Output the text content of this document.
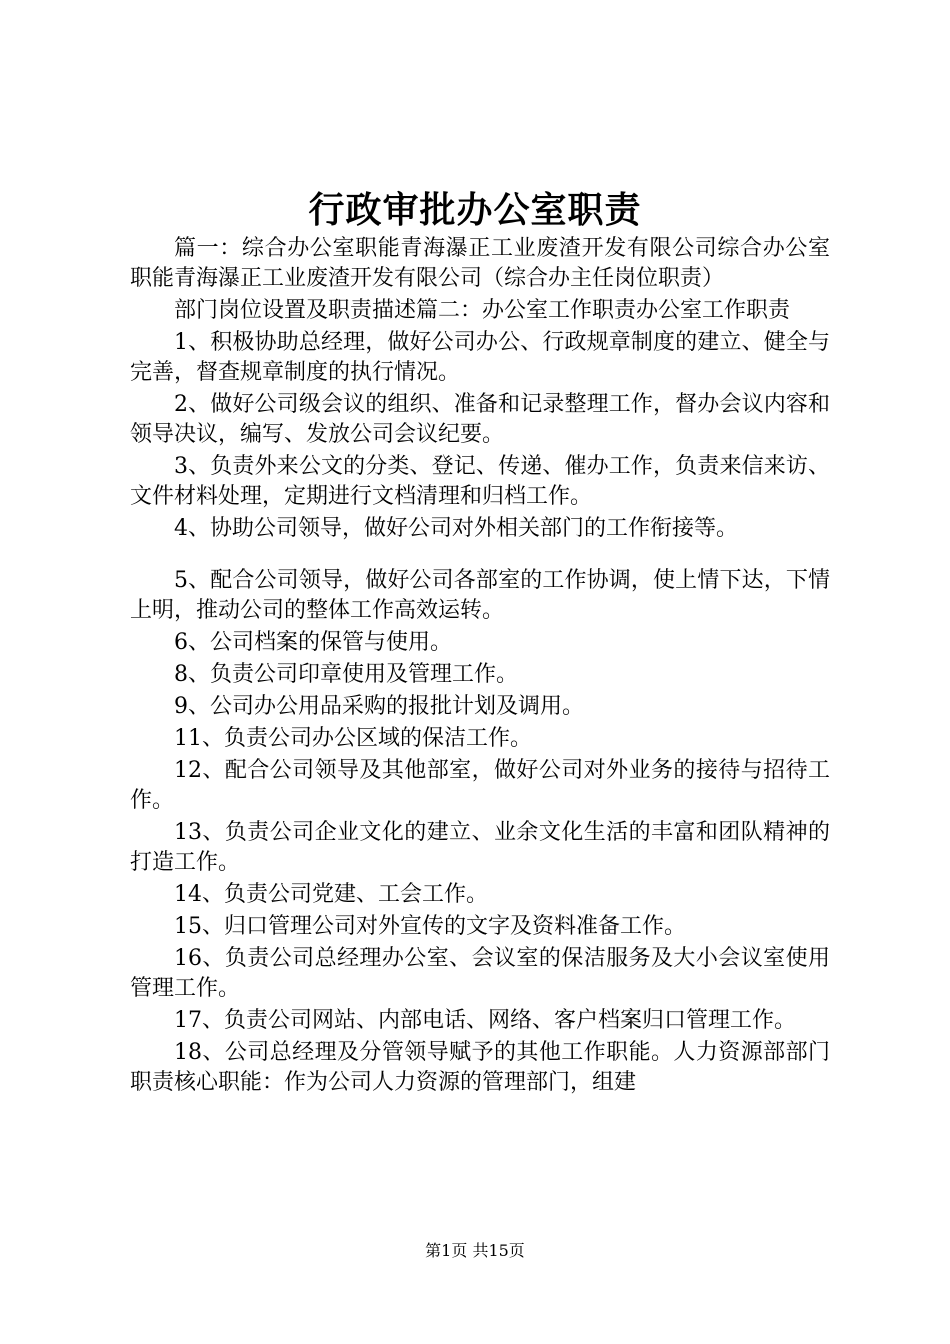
行政审批办公室职责

篇一：综合办公室职能青海瀑正工业废渣开发有限公司综合办公室职能青海瀑正工业废渣开发有限公司（综合办主任岗位职责）

部门岗位设置及职责描述篇二：办公室工作职责办公室工作职责

1、积极协助总经理，做好公司办公、行政规章制度的建立、健全与完善，督查规章制度的执行情况。

2、做好公司级会议的组织、准备和记录整理工作，督办会议内容和领导决议，编写、发放公司会议纪要。

3、负责外来公文的分类、登记、传递、催办工作，负责来信来访、文件材料处理，定期进行文档清理和归档工作。

4、协助公司领导，做好公司对外相关部门的工作衔接等。

5、配合公司领导，做好公司各部室的工作协调，使上情下达，下情上明，推动公司的整体工作高效运转。

6、公司档案的保管与使用。

8、负责公司印章使用及管理工作。

9、公司办公用品采购的报批计划及调用。

11、负责公司办公区域的保洁工作。

12、配合公司领导及其他部室，做好公司对外业务的接待与招待工作。

13、负责公司企业文化的建立、业余文化生活的丰富和团队精神的打造工作。

14、负责公司党建、工会工作。

15、归口管理公司对外宣传的文字及资料准备工作。

16、负责公司总经理办公室、会议室的保洁服务及大小会议室使用管理工作。

17、负责公司网站、内部电话、网络、客户档案归口管理工作。

18、公司总经理及分管领导赋予的其他工作职能。人力资源部部门职责核心职能：作为公司人力资源的管理部门，组建

第1页 共15页
